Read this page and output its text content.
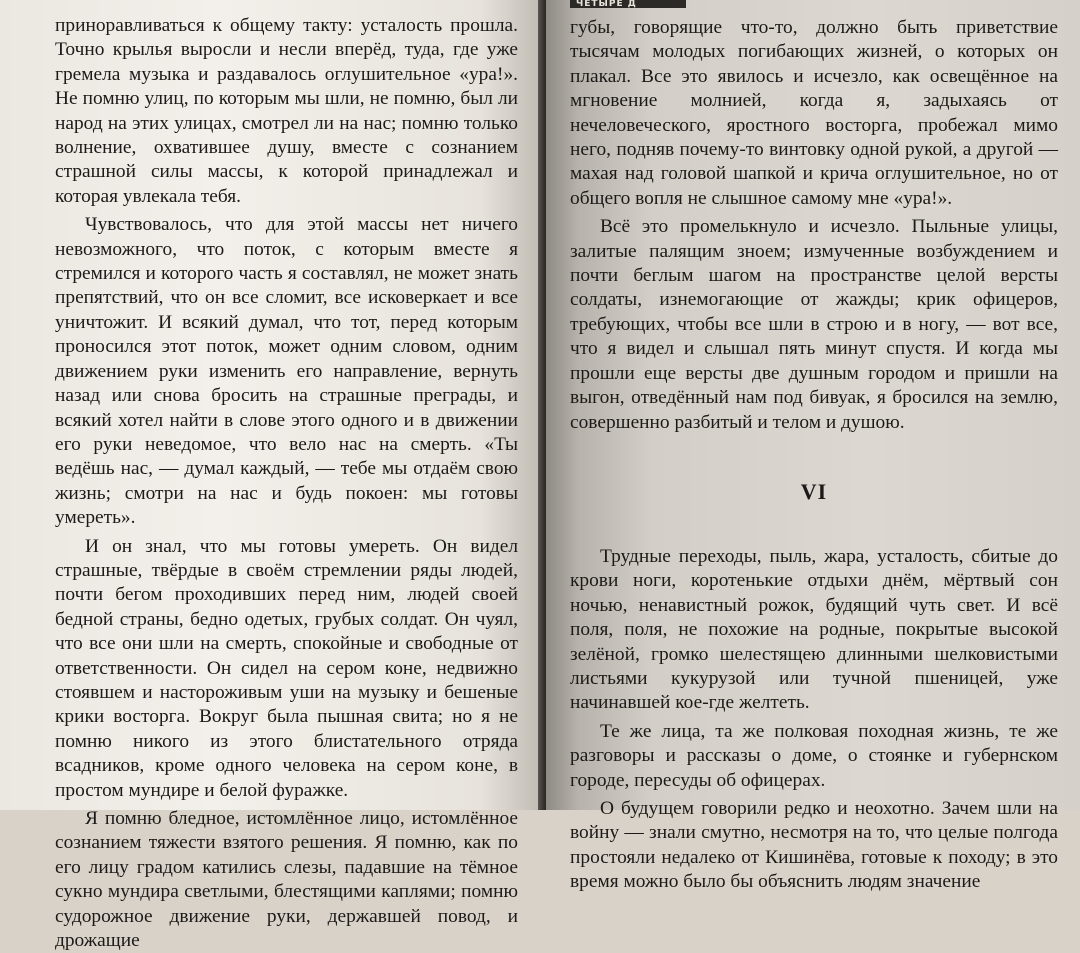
приноравливаться к общему такту: усталость прошла. Точно крылья выросли и несли вперёд, туда, где уже гремела музыка и раздавалось оглушительное «ура!». Не помню улиц, по которым мы шли, не помню, был ли народ на этих улицах, смотрел ли на нас; помню только волнение, охватившее душу, вместе с сознанием страшной силы массы, к которой принадлежал и которая увлекала тебя.

Чувствовалось, что для этой массы нет ничего невозможного, что поток, с которым вместе я стремился и которого часть я составлял, не может знать препятствий, что он все сломит, все исковеркает и все уничтожит. И всякий думал, что тот, перед которым проносился этот поток, может одним словом, одним движением руки изменить его направление, вернуть назад или снова бросить на страшные преграды, и всякий хотел найти в слове этого одного и в движении его руки неведомое, что вело нас на смерть. «Ты ведёшь нас, — думал каждый, — тебе мы отдаём свою жизнь; смотри на нас и будь покоен: мы готовы умереть».

И он знал, что мы готовы умереть. Он видел страшные, твёрдые в своём стремлении ряды людей, почти бегом проходивших перед ним, людей своей бедной страны, бедно одетых, грубых солдат. Он чуял, что все они шли на смерть, спокойные и свободные от ответственности. Он сидел на сером коне, недвижно стоявшем и настороживым уши на музыку и бешеные крики восторга. Вокруг была пышная свита; но я не помню никого из этого блистательного отряда всадников, кроме одного человека на сером коне, в простом мундире и белой фуражке.

Я помню бледное, истомлённое лицо, истомлённое сознанием тяжести взятого решения. Я помню, как по его лицу градом катились слезы, падавшие на тёмное сукно мундира светлыми, блестящими каплями; помню судорожное движение руки, державшей повод, и дрожащие

губы, говорящие что-то, должно быть приветствие тысячам молодых погибающих жизней, о которых он плакал. Все это явилось и исчезло, как освещённое на мгновение молнией, когда я, задыхаясь от нечеловеческого, яростного восторга, пробежал мимо него, подняв почему-то винтовку одной рукой, а другой — махая над головой шапкой и крича оглушительное, но от общего вопля не слышное самому мне «ура!».

Всё это промелькнуло и исчезло. Пыльные улицы, залитые палящим зноем; измученные возбуждением и почти беглым шагом на пространстве целой версты солдаты, изнемогающие от жажды; крик офицеров, требующих, чтобы все шли в строю и в ногу, — вот все, что я видел и слышал пять минут спустя. И когда мы прошли еще версты две душным городом и пришли на выгон, отведённый нам под бивуак, я бросился на землю, совершенно разбитый и телом и душою.

VI

Трудные переходы, пыль, жара, усталость, сбитые до крови ноги, коротенькие отдыхи днём, мёртвый сон ночью, ненавистный рожок, будящий чуть свет. И всё поля, поля, не похожие на родные, покрытые высокой зелёной, громко шелестящею длинными шелковистыми листьями кукурузой или тучной пшеницей, уже начинавшей кое-где желтеть.

Те же лица, та же полковая походная жизнь, те же разговоры и рассказы о доме, о стоянке и губернском городе, пересуды об офицерах.

О будущем говорили редко и неохотно. Зачем шли на войну — знали смутно, несмотря на то, что целые полгода простояли недалеко от Кишинёва, готовые к походу; в это время можно было бы объяснить людям значение

ЧЕТЫРЕ Д
